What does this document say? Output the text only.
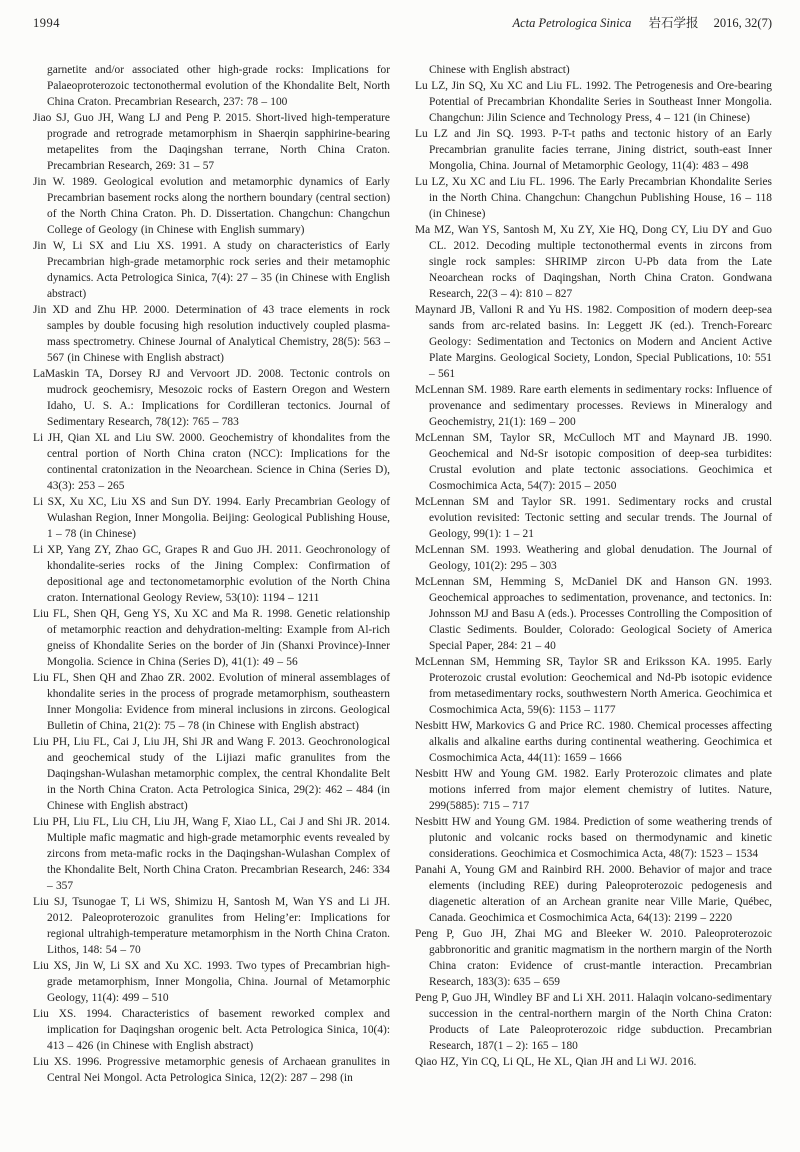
1994	Acta Petrologica Sinica 岩石学报 2016, 32(7)

garnetite and/or associated other high-grade rocks: Implications for Palaeoproterozoic tectonothermal evolution of the Khondalite Belt, North China Craton. Precambrian Research, 237: 78 – 100

Jiao SJ, Guo JH, Wang LJ and Peng P. 2015. Short-lived high-temperature prograde and retrograde metamorphism in Shaerqin sapphirine-bearing metapelites from the Daqingshan terrane, North China Craton. Precambrian Research, 269: 31 – 57

Jin W. 1989. Geological evolution and metamorphic dynamics of Early Precambrian basement rocks along the northern boundary (central section) of the North China Craton. Ph. D. Dissertation. Changchun: Changchun College of Geology (in Chinese with English summary)

Jin W, Li SX and Liu XS. 1991. A study on characteristics of Early Precambrian high-grade metamorphic rock series and their metamophic dynamics. Acta Petrologica Sinica, 7(4): 27 – 35 (in Chinese with English abstract)

Jin XD and Zhu HP. 2000. Determination of 43 trace elements in rock samples by double focusing high resolution inductively coupled plasma-mass spectrometry. Chinese Journal of Analytical Chemistry, 28(5): 563 – 567 (in Chinese with English abstract)

LaMaskin TA, Dorsey RJ and Vervoort JD. 2008. Tectonic controls on mudrock geochemisry, Mesozoic rocks of Eastern Oregon and Western Idaho, U. S. A.: Implications for Cordilleran tectonics. Journal of Sedimentary Research, 78(12): 765 – 783

Li JH, Qian XL and Liu SW. 2000. Geochemistry of khondalites from the central portion of North China craton (NCC): Implications for the continental cratonization in the Neoarchean. Science in China (Series D), 43(3): 253 – 265

Li SX, Xu XC, Liu XS and Sun DY. 1994. Early Precambrian Geology of Wulashan Region, Inner Mongolia. Beijing: Geological Publishing House, 1 – 78 (in Chinese)

Li XP, Yang ZY, Zhao GC, Grapes R and Guo JH. 2011. Geochronology of khondalite-series rocks of the Jining Complex: Confirmation of depositional age and tectonometamorphic evolution of the North China craton. International Geology Review, 53(10): 1194 – 1211

Liu FL, Shen QH, Geng YS, Xu XC and Ma R. 1998. Genetic relationship of metamorphic reaction and dehydration-melting: Example from Al-rich gneiss of Khondalite Series on the border of Jin (Shanxi Province)-Inner Mongolia. Science in China (Series D), 41(1): 49 – 56

Liu FL, Shen QH and Zhao ZR. 2002. Evolution of mineral assemblages of khondalite series in the process of prograde metamorphism, southeastern Inner Mongolia: Evidence from mineral inclusions in zircons. Geological Bulletin of China, 21(2): 75 – 78 (in Chinese with English abstract)

Liu PH, Liu FL, Cai J, Liu JH, Shi JR and Wang F. 2013. Geochronological and geochemical study of the Lijiazi mafic granulites from the Daqingshan-Wulashan metamorphic complex, the central Khondalite Belt in the North China Craton. Acta Petrologica Sinica, 29(2): 462 – 484 (in Chinese with English abstract)

Liu PH, Liu FL, Liu CH, Liu JH, Wang F, Xiao LL, Cai J and Shi JR. 2014. Multiple mafic magmatic and high-grade metamorphic events revealed by zircons from meta-mafic rocks in the Daqingshan-Wulashan Complex of the Khondalite Belt, North China Craton. Precambrian Research, 246: 334 – 357

Liu SJ, Tsunogae T, Li WS, Shimizu H, Santosh M, Wan YS and Li JH. 2012. Paleoproterozoic granulites from Heling’er: Implications for regional ultrahigh-temperature metamorphism in the North China Craton. Lithos, 148: 54 – 70

Liu XS, Jin W, Li SX and Xu XC. 1993. Two types of Precambrian high-grade metamorphism, Inner Mongolia, China. Journal of Metamorphic Geology, 11(4): 499 – 510

Liu XS. 1994. Characteristics of basement reworked complex and implication for Daqingshan orogenic belt. Acta Petrologica Sinica, 10(4): 413 – 426 (in Chinese with English abstract)

Liu XS. 1996. Progressive metamorphic genesis of Archaean granulites in Central Nei Mongol. Acta Petrologica Sinica, 12(2): 287 – 298 (in

Chinese with English abstract)

Lu LZ, Jin SQ, Xu XC and Liu FL. 1992. The Petrogenesis and Ore-bearing Potential of Precambrian Khondalite Series in Southeast Inner Mongolia. Changchun: Jilin Science and Technology Press, 4 – 121 (in Chinese)

Lu LZ and Jin SQ. 1993. P-T-t paths and tectonic history of an Early Precambrian granulite facies terrane, Jining district, south-east Inner Mongolia, China. Journal of Metamorphic Geology, 11(4): 483 – 498

Lu LZ, Xu XC and Liu FL. 1996. The Early Precambrian Khondalite Series in the North China. Changchun: Changchun Publishing House, 16 – 118 (in Chinese)

Ma MZ, Wan YS, Santosh M, Xu ZY, Xie HQ, Dong CY, Liu DY and Guo CL. 2012. Decoding multiple tectonothermal events in zircons from single rock samples: SHRIMP zircon U-Pb data from the Late Neoarchean rocks of Daqingshan, North China Craton. Gondwana Research, 22(3 – 4): 810 – 827

Maynard JB, Valloni R and Yu HS. 1982. Composition of modern deep-sea sands from arc-related basins. In: Leggett JK (ed.). Trench-Forearc Geology: Sedimentation and Tectonics on Modern and Ancient Active Plate Margins. Geological Society, London, Special Publications, 10: 551 – 561

McLennan SM. 1989. Rare earth elements in sedimentary rocks: Influence of provenance and sedimentary processes. Reviews in Mineralogy and Geochemistry, 21(1): 169 – 200

McLennan SM, Taylor SR, McCulloch MT and Maynard JB. 1990. Geochemical and Nd-Sr isotopic composition of deep-sea turbidites: Crustal evolution and plate tectonic associations. Geochimica et Cosmochimica Acta, 54(7): 2015 – 2050

McLennan SM and Taylor SR. 1991. Sedimentary rocks and crustal evolution revisited: Tectonic setting and secular trends. The Journal of Geology, 99(1): 1 – 21

McLennan SM. 1993. Weathering and global denudation. The Journal of Geology, 101(2): 295 – 303

McLennan SM, Hemming S, McDaniel DK and Hanson GN. 1993. Geochemical approaches to sedimentation, provenance, and tectonics. In: Johnsson MJ and Basu A (eds.). Processes Controlling the Composition of Clastic Sediments. Boulder, Colorado: Geological Society of America Special Paper, 284: 21 – 40

McLennan SM, Hemming SR, Taylor SR and Eriksson KA. 1995. Early Proterozoic crustal evolution: Geochemical and Nd-Pb isotopic evidence from metasedimentary rocks, southwestern North America. Geochimica et Cosmochimica Acta, 59(6): 1153 – 1177

Nesbitt HW, Markovics G and Price RC. 1980. Chemical processes affecting alkalis and alkaline earths during continental weathering. Geochimica et Cosmochimica Acta, 44(11): 1659 – 1666

Nesbitt HW and Young GM. 1982. Early Proterozoic climates and plate motions inferred from major element chemistry of lutites. Nature, 299(5885): 715 – 717

Nesbitt HW and Young GM. 1984. Prediction of some weathering trends of plutonic and volcanic rocks based on thermodynamic and kinetic considerations. Geochimica et Cosmochimica Acta, 48(7): 1523 – 1534

Panahi A, Young GM and Rainbird RH. 2000. Behavior of major and trace elements (including REE) during Paleoproterozoic pedogenesis and diagenetic alteration of an Archean granite near Ville Marie, Québec, Canada. Geochimica et Cosmochimica Acta, 64(13): 2199 – 2220

Peng P, Guo JH, Zhai MG and Bleeker W. 2010. Paleoproterozoic gabbronoritic and granitic magmatism in the northern margin of the North China craton: Evidence of crust-mantle interaction. Precambrian Research, 183(3): 635 – 659

Peng P, Guo JH, Windley BF and Li XH. 2011. Halaqin volcano-sedimentary succession in the central-northern margin of the North China Craton: Products of Late Paleoproterozoic ridge subduction. Precambrian Research, 187(1 – 2): 165 – 180

Qiao HZ, Yin CQ, Li QL, He XL, Qian JH and Li WJ. 2016.
